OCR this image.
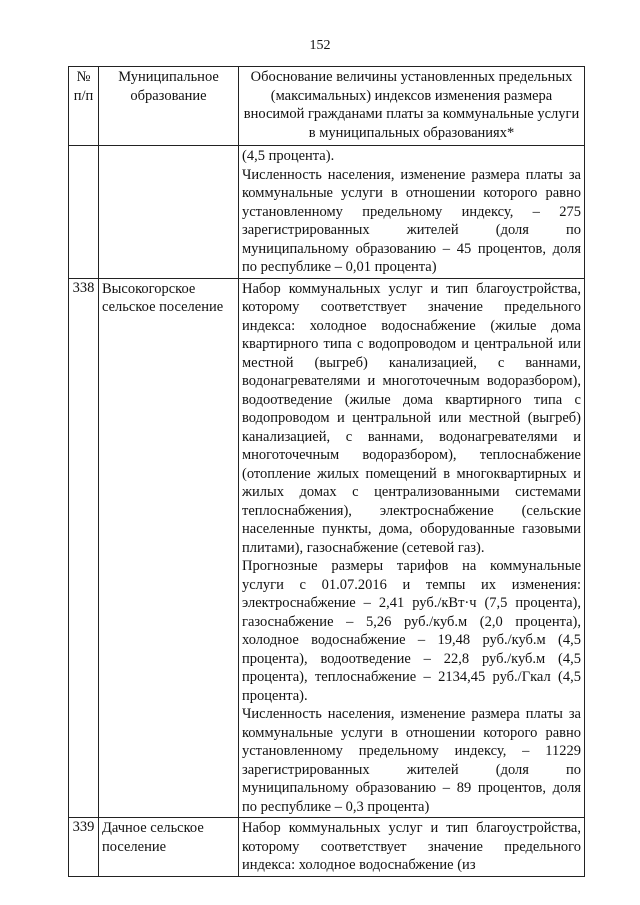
152
№ п/п	Муниципальное образование	Обоснование величины установленных предельных (максимальных) индексов изменения размера вносимой гражданами платы за коммунальные услуги в муниципальных образованиях*

		(4,5 процента).

Численность населения, изменение размера платы за коммунальные услуги в отношении которого равно установленному предельному индексу, – 275 зарегистрированных жителей (доля по муниципальному образованию – 45 процентов, доля по республике – 0,01 процента)

338	Высокогорское сельское поселение	Набор коммунальных услуг и тип благоустройства, которому соответствует значение предельного индекса: холодное водоснабжение (жилые дома квартирного типа с водопроводом и центральной или местной (выгреб) канализацией, с ваннами, водонагревателями и многоточечным водоразбором), водоотведение (жилые дома квартирного типа с водопроводом и центральной или местной (выгреб) канализацией, с ваннами, водонагревателями и многоточечным водоразбором), теплоснабжение (отопление жилых помещений в многоквартирных и жилых домах с централизованными системами теплоснабжения), электроснабжение (сельские населенные пункты, дома, оборудованные газовыми плитами), газоснабжение (сетевой газ).

Прогнозные размеры тарифов на коммунальные услуги с 01.07.2016 и темпы их изменения: электроснабжение – 2,41 руб./кВт·ч (7,5 процента), газоснабжение – 5,26 руб./куб.м (2,0 процента), холодное водоснабжение – 19,48 руб./куб.м (4,5 процента), водоотведение – 22,8 руб./куб.м (4,5 процента), теплоснабжение – 2134,45 руб./Гкал (4,5 процента).

Численность населения, изменение размера платы за коммунальные услуги в отношении которого равно установленному предельному индексу, – 11229 зарегистрированных жителей (доля по муниципальному образованию – 89 процентов, доля по республике – 0,3 процента)

339	Дачное сельское поселение	Набор коммунальных услуг и тип благоустройства, которому соответствует значение предельного индекса: холодное водоснабжение (из
